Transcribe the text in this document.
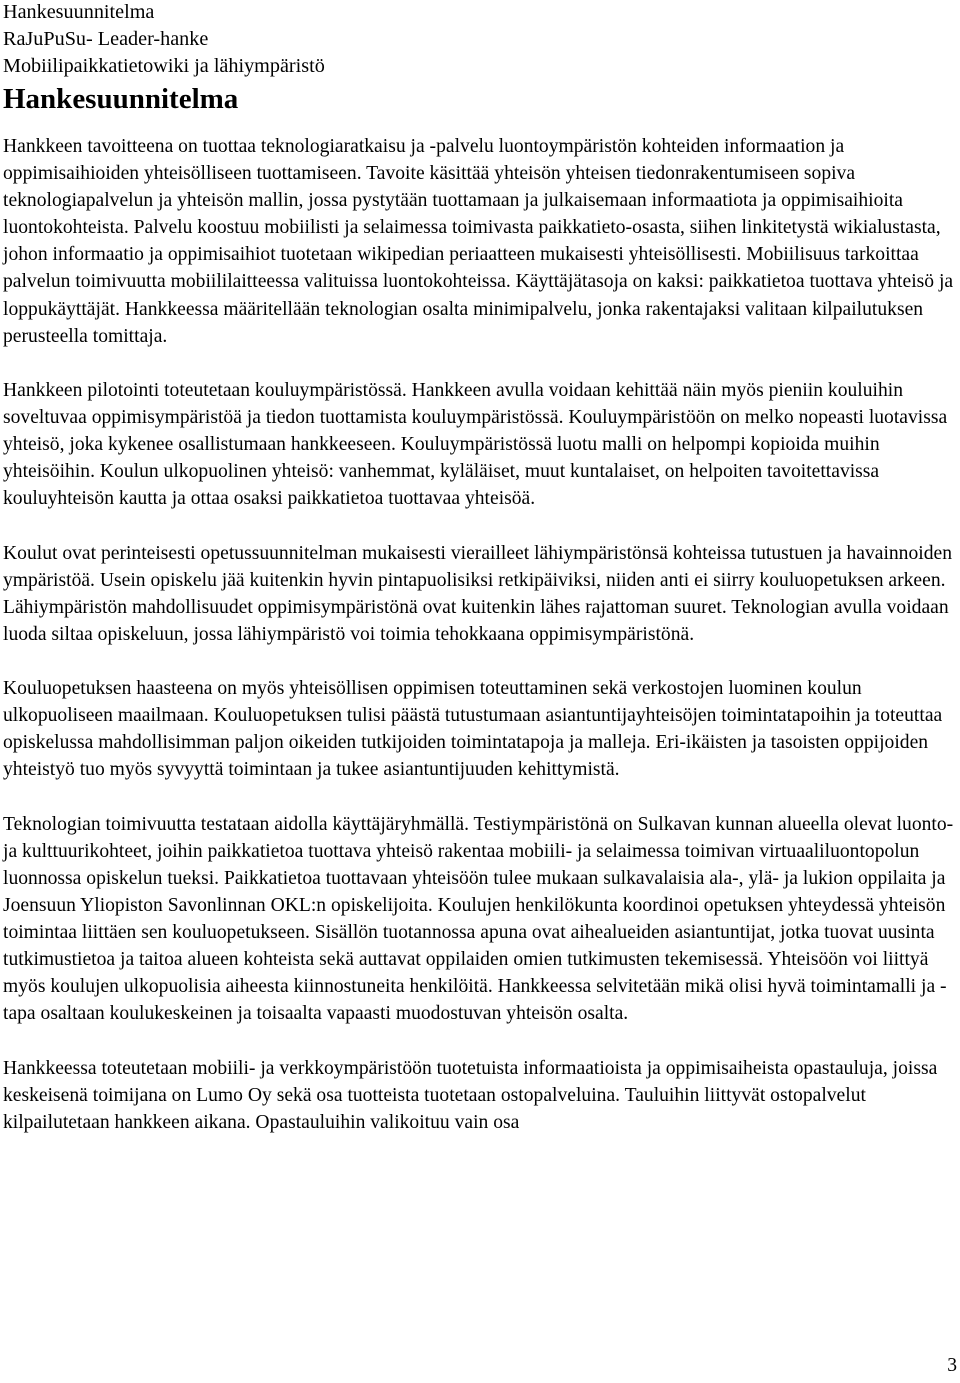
Hankesuunnitelma
RaJuPuSu- Leader-hanke
Mobiilipaikkatietowiki ja lähiympäristö
Hankesuunnitelma

Hankkeen tavoitteena on tuottaa teknologiaratkaisu ja -palvelu luontoympäristön kohteiden informaation ja oppimisaihioiden yhteisölliseen tuottamiseen. Tavoite käsittää yhteisön yhteisen tiedonrakentumiseen sopiva teknologiapalvelun ja yhteisön mallin, jossa pystytään tuottamaan ja julkaisemaan informaatiota ja oppimisaihioita luontokohteista. Palvelu koostuu mobiilisti ja selaimessa toimivasta paikkatieto-osasta, siihen linkitetystä wikialustasta, johon informaatio ja oppimisaihiot tuotetaan wikipedian periaatteen mukaisesti yhteisöllisesti. Mobiilisuus tarkoittaa palvelun toimivuutta mobiililaitteessa valituissa luontokohteissa. Käyttäjätasoja on kaksi: paikkatietoa tuottava yhteisö ja loppukäyttäjät. Hankkeessa määritellään teknologian osalta minimipalvelu, jonka rakentajaksi valitaan kilpailutuksen perusteella tomittaja.

Hankkeen pilotointi toteutetaan kouluympäristössä. Hankkeen avulla voidaan kehittää näin myös pieniin kouluihin soveltuvaa oppimisympäristöä ja tiedon tuottamista kouluympäristössä. Kouluympäristöön on melko nopeasti luotavissa yhteisö, joka kykenee osallistumaan hankkeeseen. Kouluympäristössä luotu malli on helpompi kopioida muihin yhteisöihin. Koulun ulkopuolinen yhteisö: vanhemmat, kyläläiset, muut kuntalaiset, on helpoiten tavoitettavissa kouluyhteisön kautta ja ottaa osaksi paikkatietoa tuottavaa yhteisöä.

Koulut ovat perinteisesti opetussuunnitelman mukaisesti vierailleet lähiympäristönsä kohteissa tutustuen ja havainnoiden ympäristöä. Usein opiskelu jää kuitenkin hyvin pintapuolisiksi retkipäiviksi, niiden anti ei siirry kouluopetuksen arkeen. Lähiympäristön mahdollisuudet oppimisympäristönä ovat kuitenkin lähes rajattoman suuret. Teknologian avulla voidaan luoda siltaa opiskeluun, jossa lähiympäristö voi toimia tehokkaana oppimisympäristönä.

Kouluopetuksen haasteena on myös yhteisöllisen oppimisen toteuttaminen sekä verkostojen luominen koulun ulkopuoliseen maailmaan. Kouluopetuksen tulisi päästä tutustumaan asiantuntijayhteisöjen toimintatapoihin ja toteuttaa opiskelussa mahdollisimman paljon oikeiden tutkijoiden toimintatapoja ja malleja. Eri-ikäisten ja tasoisten oppijoiden yhteistyö tuo myös syvyyttä toimintaan ja tukee asiantuntijuuden kehittymistä.

Teknologian toimivuutta testataan aidolla käyttäjäryhmällä. Testiympäristönä on Sulkavan kunnan alueella olevat luonto- ja kulttuurikohteet, joihin paikkatietoa tuottava yhteisö rakentaa mobiili- ja selaimessa toimivan virtuaaliluontopolun luonnossa opiskelun tueksi. Paikkatietoa tuottavaan yhteisöön tulee mukaan sulkavalaisia ala-, ylä- ja lukion oppilaita ja Joensuun Yliopiston Savonlinnan OKL:n opiskelijoita. Koulujen henkilökunta koordinoi opetuksen yhteydessä yhteisön toimintaa liittäen sen kouluopetukseen. Sisällön tuotannossa apuna ovat aihealueiden asiantuntijat, jotka tuovat uusinta tutkimustietoa ja taitoa alueen kohteista sekä auttavat oppilaiden omien tutkimusten tekemisessä. Yhteisöön voi liittyä myös koulujen ulkopuolisia aiheesta kiinnostuneita henkilöitä. Hankkeessa selvitetään mikä olisi hyvä toimintamalli ja -tapa osaltaan koulukeskeinen ja toisaalta vapaasti muodostuvan yhteisön osalta.

Hankkeessa toteutetaan mobiili- ja verkkoympäristöön tuotetuista informaatioista ja oppimisaiheista opastauluja, joissa keskeisenä toimijana on Lumo Oy sekä osa tuotteista tuotetaan ostopalveluina. Tauluihin liittyvät ostopalvelut kilpailutetaan hankkeen aikana. Opastauluihin valikoituu vain osa

3
